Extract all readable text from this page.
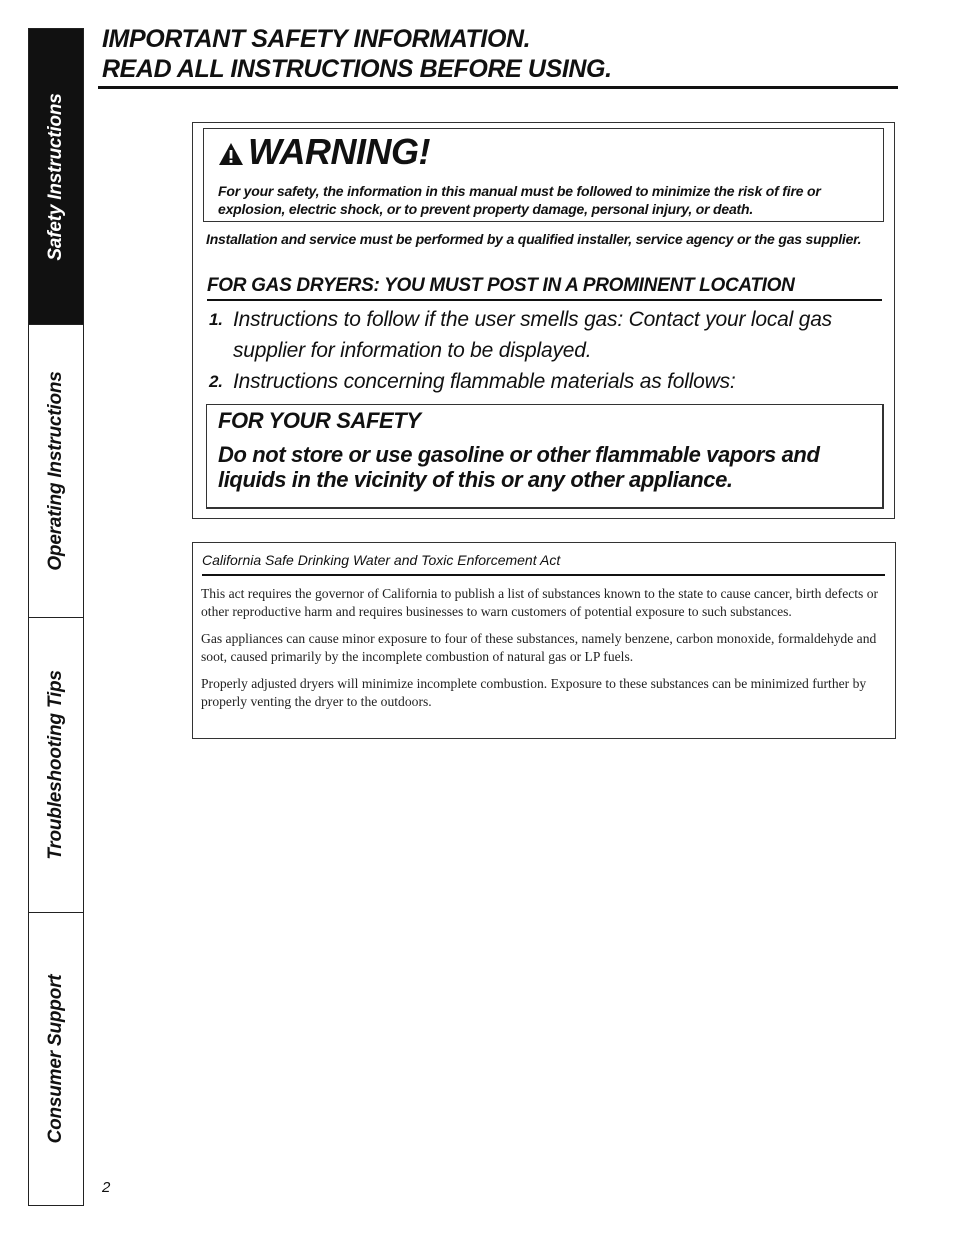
Safety Instructions
Operating Instructions
Troubleshooting Tips
Consumer Support
IMPORTANT SAFETY INFORMATION.
READ ALL INSTRUCTIONS BEFORE USING.
WARNING!
For your safety, the information in this manual must be followed to minimize the risk of fire or explosion, electric shock, or to prevent property damage, personal injury, or death.
Installation and service must be performed by a qualified installer, service agency or the gas supplier.
FOR GAS DRYERS: YOU MUST POST IN A PROMINENT LOCATION
1. Instructions to follow if the user smells gas: Contact your local gas supplier for information to be displayed.
2. Instructions concerning flammable materials as follows:
FOR YOUR SAFETY
Do not store or use gasoline or other flammable vapors and liquids in the vicinity of this or any other appliance.
California Safe Drinking Water and Toxic Enforcement Act

This act requires the governor of California to publish a list of substances known to the state to cause cancer, birth defects or other reproductive harm and requires businesses to warn customers of potential exposure to such substances.

Gas appliances can cause minor exposure to four of these substances, namely benzene, carbon monoxide, formaldehyde and soot, caused primarily by the incomplete combustion of natural gas or LP fuels.

Properly adjusted dryers will minimize incomplete combustion. Exposure to these substances can be minimized further by properly venting the dryer to the outdoors.

2
